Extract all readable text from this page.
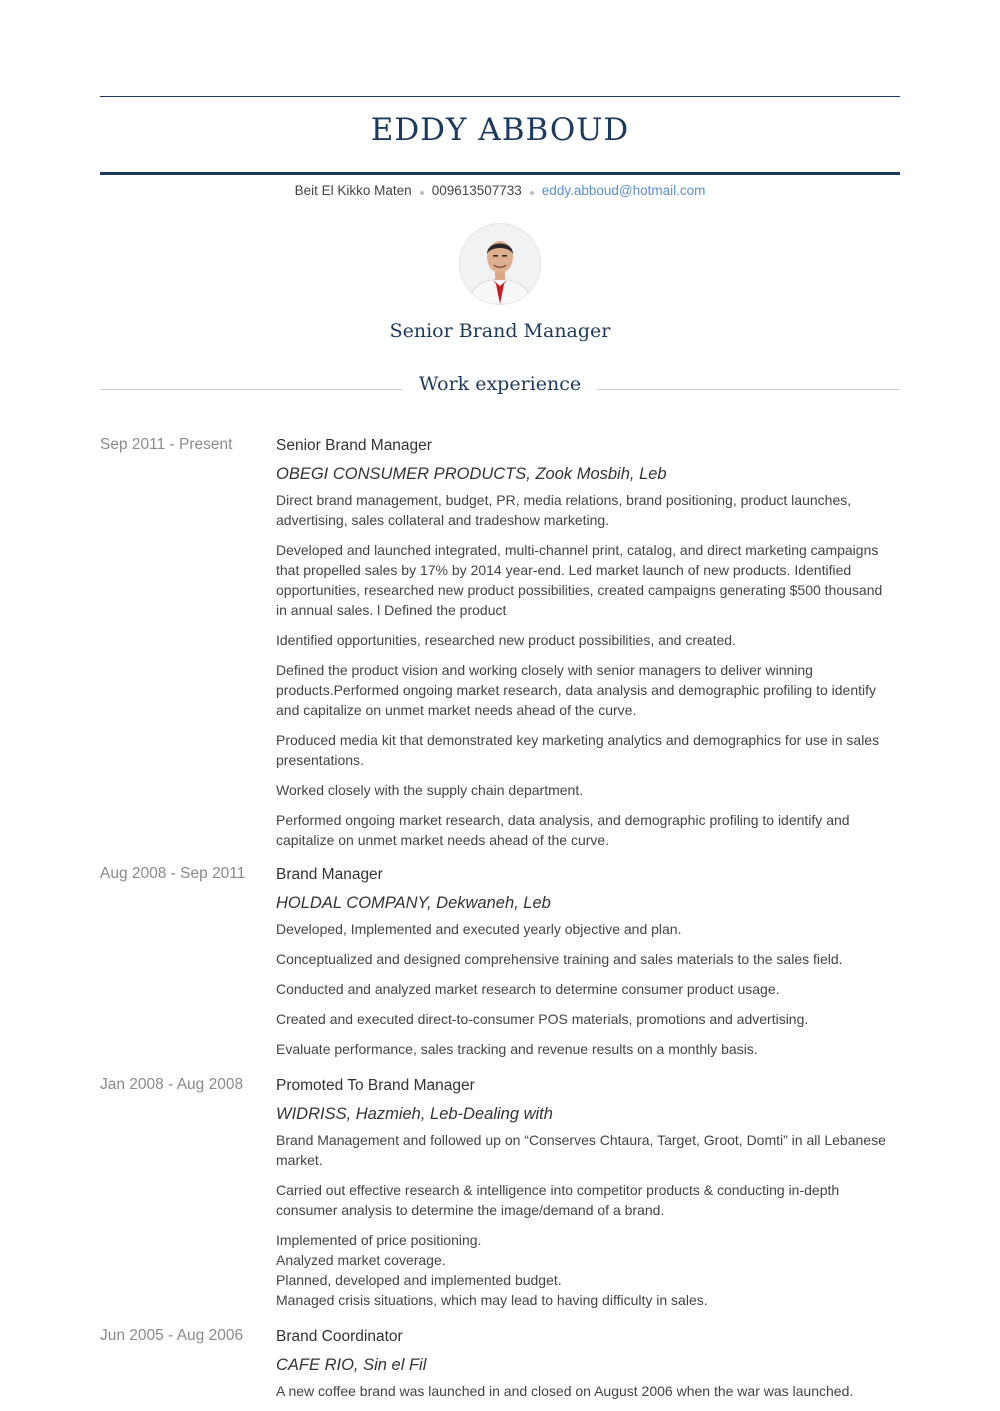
EDDY ABBOUD
Beit El Kikko Maten 009613507733 eddy.abboud@hotmail.com
Senior Brand Manager
Work experience
Sep 2011 - Present	Senior Brand Manager
OBEGI CONSUMER PRODUCTS, Zook Mosbih, Leb

Direct brand management, budget, PR, media relations, brand positioning, product launches, advertising, sales collateral and tradeshow marketing.

Developed and launched integrated, multi-channel print, catalog, and direct marketing campaigns that propelled sales by 17% by 2014 year-end. Led market launch of new products. Identified opportunities, researched new product possibilities, created campaigns generating $500 thousand in annual sales. l Defined the product

Identified opportunities, researched new product possibilities, and created.

Defined the product vision and working closely with senior managers to deliver winning products.Performed ongoing market research, data analysis and demographic profiling to identify and capitalize on unmet market needs ahead of the curve.

Produced media kit that demonstrated key marketing analytics and demographics for use in sales presentations.

Worked closely with the supply chain department.

Performed ongoing market research, data analysis, and demographic profiling to identify and capitalize on unmet market needs ahead of the curve.

Aug 2008 - Sep 2011	Brand Manager
HOLDAL COMPANY, Dekwaneh, Leb

Developed, Implemented and executed yearly objective and plan.

Conceptualized and designed comprehensive training and sales materials to the sales field.

Conducted and analyzed market research to determine consumer product usage.

Created and executed direct-to-consumer POS materials, promotions and advertising.

Evaluate performance, sales tracking and revenue results on a monthly basis.

Jan 2008 - Aug 2008	Promoted To Brand Manager
WIDRISS, Hazmieh, Leb-Dealing with

Brand Management and followed up on “Conserves Chtaura, Target, Groot, Domti” in all Lebanese market.

Carried out effective research & intelligence into competitor products & conducting in-depth consumer analysis to determine the image/demand of a brand.

Implemented of price positioning.
Analyzed market coverage.
Planned, developed and implemented budget.
Managed crisis situations, which may lead to having difficulty in sales.

Jun 2005 - Aug 2006	Brand Coordinator
CAFE RIO, Sin el Fil

A new coffee brand was launched in and closed on August 2006 when the war was launched.
